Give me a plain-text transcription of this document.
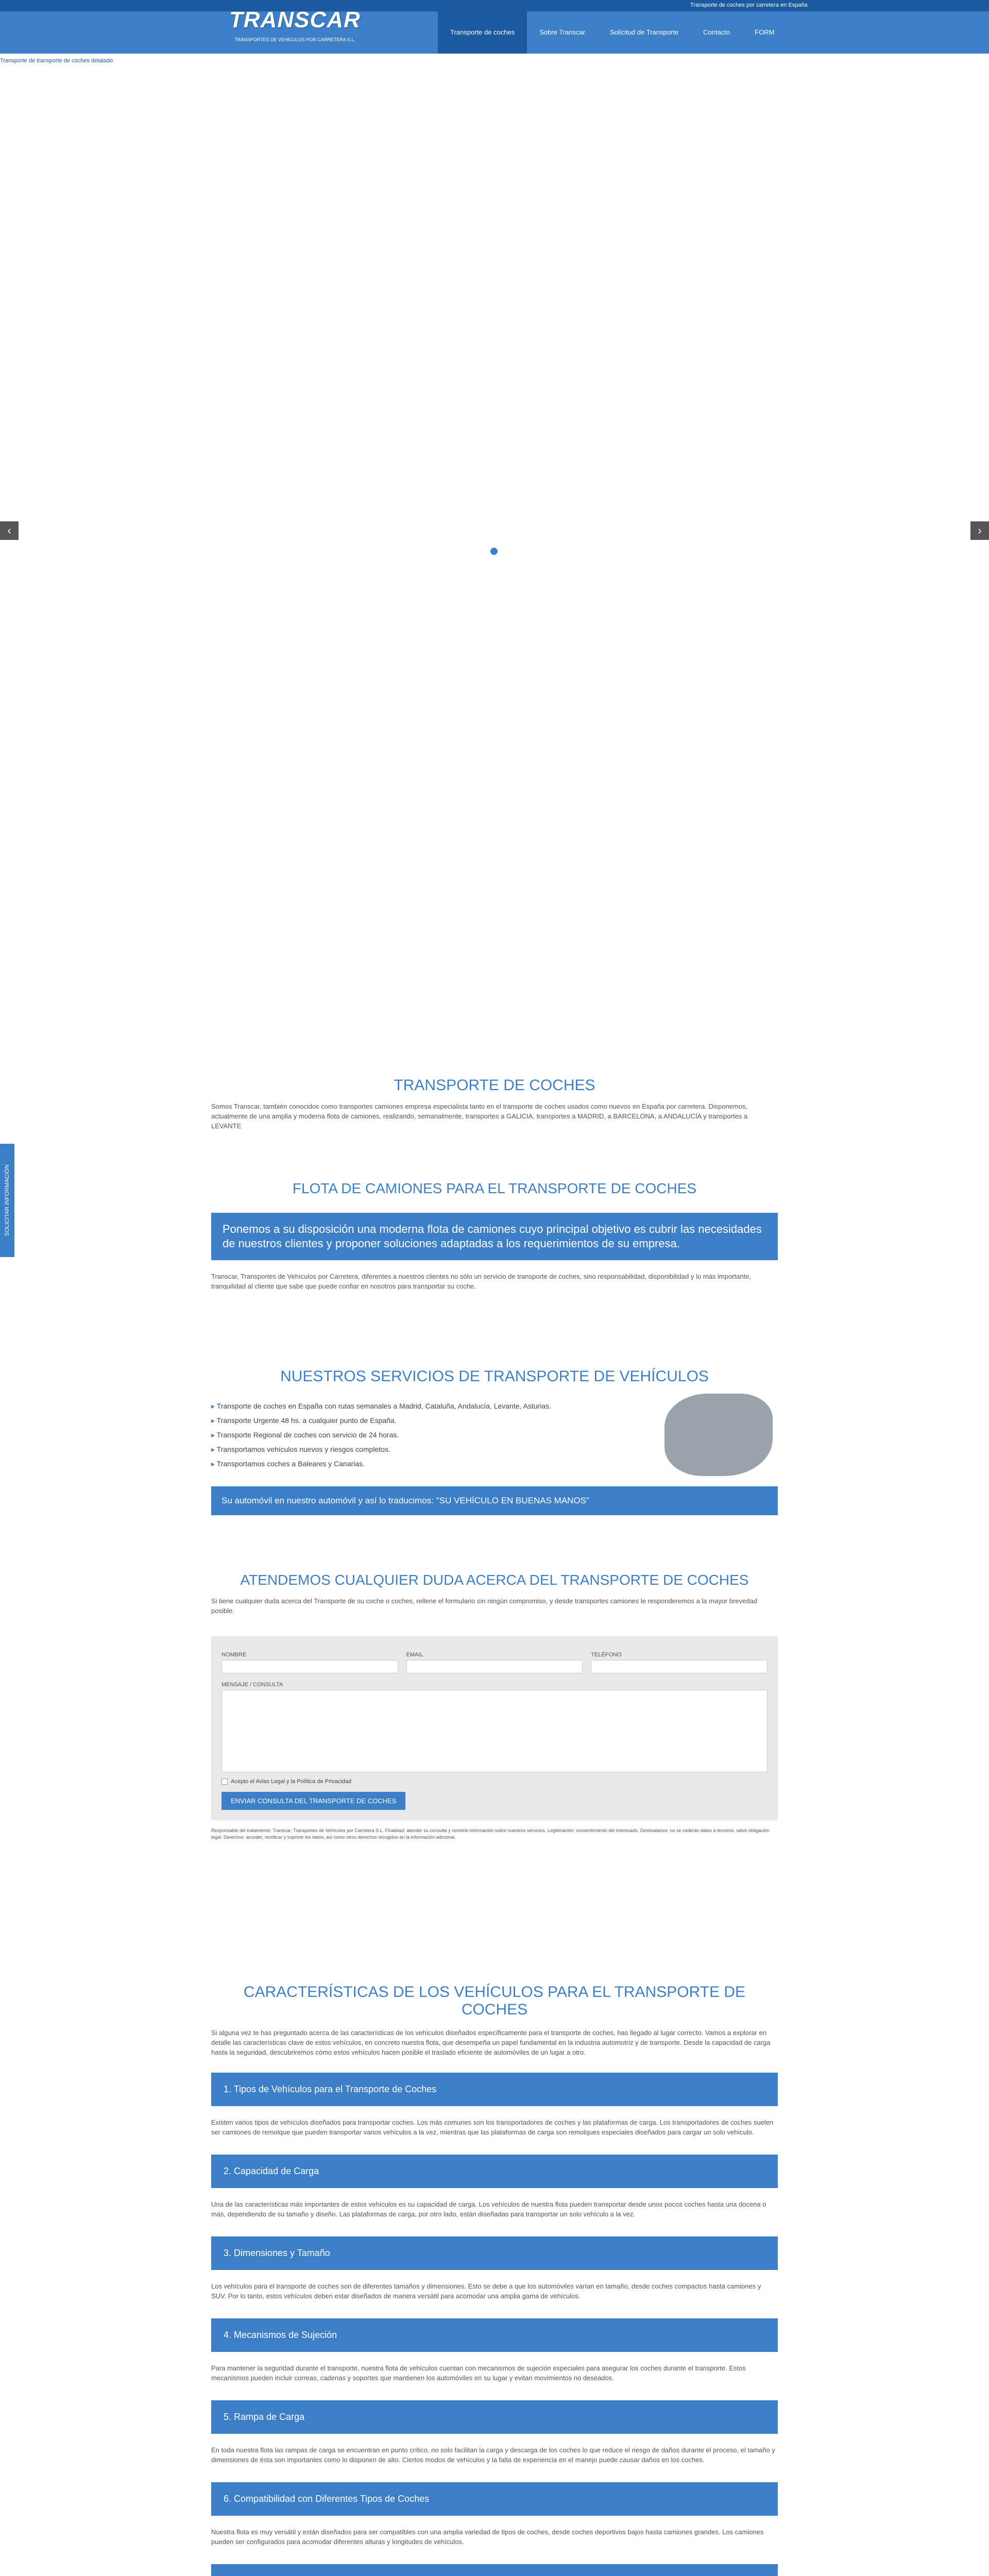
Transporte de coches por carretera en España
TRANSCAR
TRANSPORTES DE VEHÍCULOS POR CARRETERA S.L.
Transporte de coches	Sobre Transcar	Solicitud de Transporte	Contacto	FORM
Transporte de transporte de coches detalado
‹	›
SOLICITAR INFORMACIÓN
TRANSPORTE DE COCHES

Somos Transcar, también conocidos como transportes camiones empresa especialista tanto en el transporte de coches usados como nuevos en España por carretera. Disponemos, actualmente de una amplia y moderna flota de camiones, realizando, semanalmente, transportes a GALICIA, transportes a MADRID, a BARCELONA, a ANDALUCÍA y transportes a LEVANTE

FLOTA DE CAMIONES PARA EL TRANSPORTE DE COCHES
Ponemos a su disposición una moderna flota de camiones cuyo principal objetivo es cubrir las necesidades de nuestros clientes y proponer soluciones adaptadas a los requerimientos de su empresa.

Transcar, Transportes de Vehículos por Carretera, diferentes a nuestros clientes no sólo un servicio de transporte de coches, sino responsabilidad, disponibilidad y lo más importante, tranquilidad al cliente que sabe que puede confiar en nosotros para transportar su coche.

NUESTROS SERVICIOS DE TRANSPORTE DE VEHÍCULOS
▸ Transporte de coches en España con rutas semanales a Madrid, Cataluña, Andalucía, Levante, Asturias.
▸ Transporte Urgente 48 hs. a cualquier punto de España.
▸ Transporte Regional de coches con servicio de 24 horas.
▸ Transportamos vehículos nuevos y riesgos completos.
▸ Transportamos coches a Baleares y Canarias.
Su automóvil en nuestro automóvil y así lo traducimos: "SU VEHÍCULO EN BUENAS MANOS"
ATENDEMOS CUALQUIER DUDA ACERCA DEL TRANSPORTE DE COCHES

Si tiene cualquier duda acerca del Transporte de su coche o coches, rellene el formulario sin ningún compromiso, y desde transportes camiones le responderemos a la mayor brevedad posible.

NOMBRE	EMAIL	TELÉFONO
MENSAJE / CONSULTA
Acepto el Aviso Legal y la Política de Privacidad
ENVIAR CONSULTA DEL TRANSPORTE DE COCHES

Responsable del tratamiento: Transcar, Transportes de Vehículos por Carretera S.L. Finalidad: atender su consulta y remitirle información sobre nuestros servicios. Legitimación: consentimiento del interesado. Destinatarios: no se cederán datos a terceros, salvo obligación legal. Derechos: acceder, rectificar y suprimir los datos, así como otros derechos recogidos en la información adicional.

CARACTERÍSTICAS DE LOS VEHÍCULOS PARA EL TRANSPORTE DE COCHES

Si alguna vez te has preguntado acerca de las características de los vehículos diseñados específicamente para el transporte de coches, has llegado al lugar correcto. Vamos a explorar en detalle las características clave de estos vehículos, en concreto nuestra flota, que desempeña un papel fundamental en la industria automotriz y de transporte. Desde la capacidad de carga hasta la seguridad, descubriremos cómo estos vehículos hacen posible el traslado eficiente de automóviles de un lugar a otro.

1. Tipos de Vehículos para el Transporte de Coches

Existen varios tipos de vehículos diseñados para transportar coches. Los más comunes son los transportadores de coches y las plataformas de carga. Los transportadores de coches suelen ser camiones de remolque que pueden transportar varios vehículos a la vez, mientras que las plataformas de carga son remolques especiales diseñados para cargar un solo vehículo.

2. Capacidad de Carga

Una de las características más importantes de estos vehículos es su capacidad de carga. Los vehículos de nuestra flota pueden transportar desde unos pocos coches hasta una docena o más, dependiendo de su tamaño y diseño. Las plataformas de carga, por otro lado, están diseñadas para transportar un solo vehículo a la vez.

3. Dimensiones y Tamaño

Los vehículos para el transporte de coches son de diferentes tamaños y dimensiones. Esto se debe a que los automóviles varían en tamaño, desde coches compactos hasta camiones y SUV. Por lo tanto, estos vehículos deben estar diseñados de manera versátil para acomodar una amplia gama de vehículos.

4. Mecanismos de Sujeción

Para mantener la seguridad durante el transporte, nuestra flota de vehículos cuentan con mecanismos de sujeción especiales para asegurar los coches durante el transporte. Estos mecanismos pueden incluir correas, cadenas y soportes que mantienen los automóviles en su lugar y evitan movimientos no deseados.

5. Rampa de Carga

En toda nuestra flota las rampas de carga se encuentran en punto crítico, no solo facilitan la carga y descarga de los coches lo que reduce el riesgo de daños durante el proceso, el tamaño y dimensiones de ésta son importantes como lo disponen de alto. Ciertos modos de vehículos y la falta de experiencia en el manejo puede causar daños en los coches.

6. Compatibilidad con Diferentes Tipos de Coches

Nuestra flota es muy versátil y están diseñados para ser compatibles con una amplia variedad de tipos de coches, desde coches deportivos bajos hasta camiones grandes. Los camiones pueden ser configurados para acomodar diferentes alturas y longitudes de vehículos.
